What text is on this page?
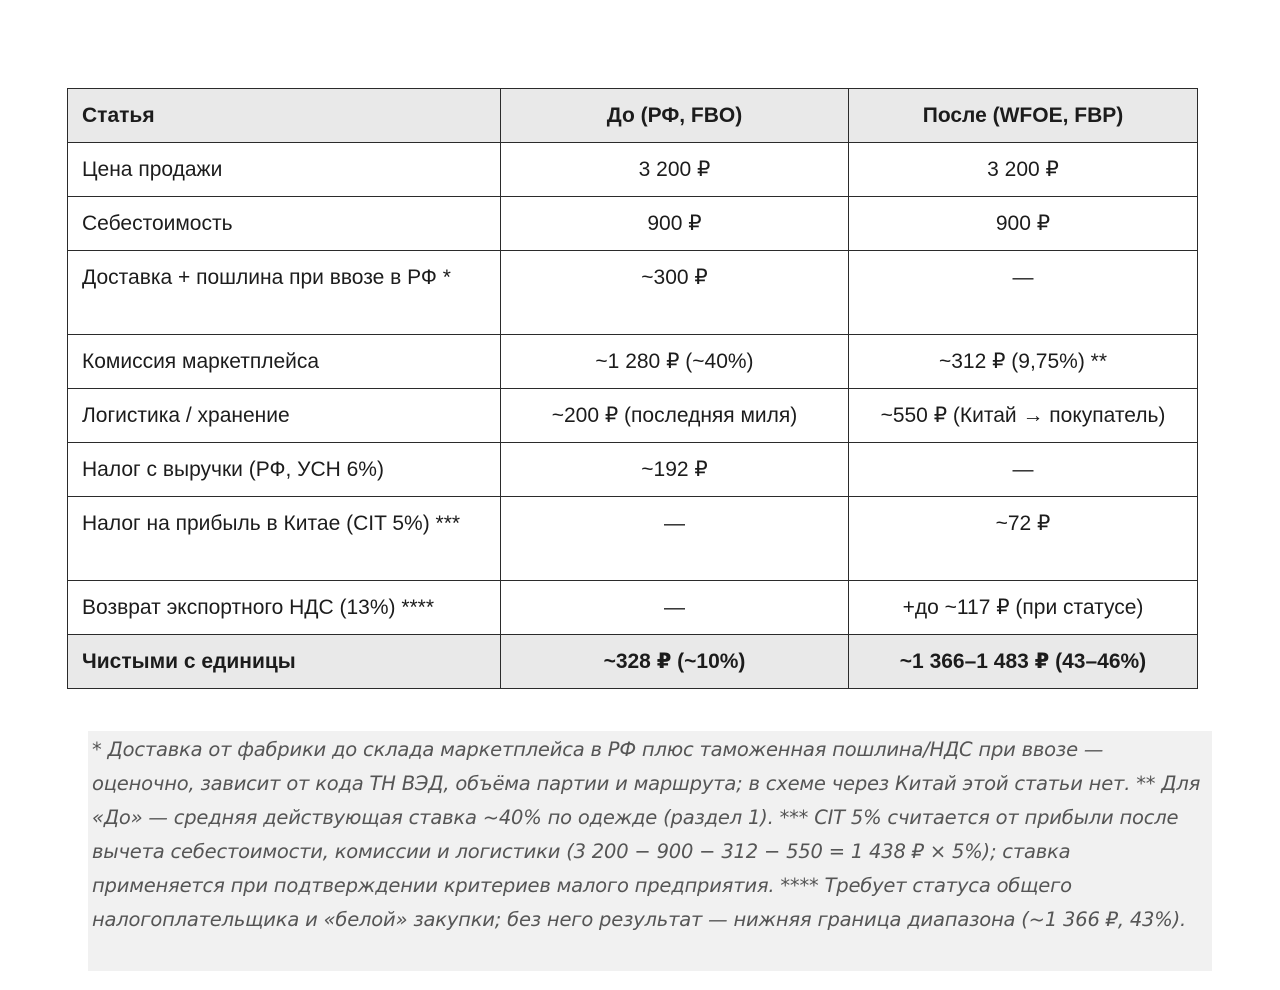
Статья	До (РФ, FBO)	После (WFOE, FBP)
Цена продажи	3 200 ₽	3 200 ₽
Себестоимость	900 ₽	900 ₽
Доставка + пошлина при ввозе в РФ *	~300 ₽	—
Комиссия маркетплейса	~1 280 ₽ (~40%)	~312 ₽ (9,75%) **
Логистика / хранение	~200 ₽ (последняя миля)	~550 ₽ (Китай → покупатель)
Налог с выручки (РФ, УСН 6%)	~192 ₽	—
Налог на прибыль в Китае (CIT 5%) ***	—	~72 ₽
Возврат экспортного НДС (13%) ****	—	+до ~117 ₽ (при статусе)
Чистыми с единицы	~328 ₽ (~10%)	~1 366–1 483 ₽ (43–46%)
* Доставка от фабрики до склада маркетплейса в РФ плюс таможенная пошлина/НДС при ввозе — оценочно, зависит от кода ТН ВЭД, объёма партии и маршрута; в схеме через Китай этой статьи нет. ** Для «До» — средняя действующая ставка ~40% по одежде (раздел 1). *** CIT 5% считается от прибыли после вычета себестоимости, комиссии и логистики (3 200 − 900 − 312 − 550 = 1 438 ₽ × 5%); ставка применяется при подтверждении критериев малого предприятия. **** Требует статуса общего налогоплательщика и «белой» закупки; без него результат — нижняя граница диапазона (~1 366 ₽, 43%).
